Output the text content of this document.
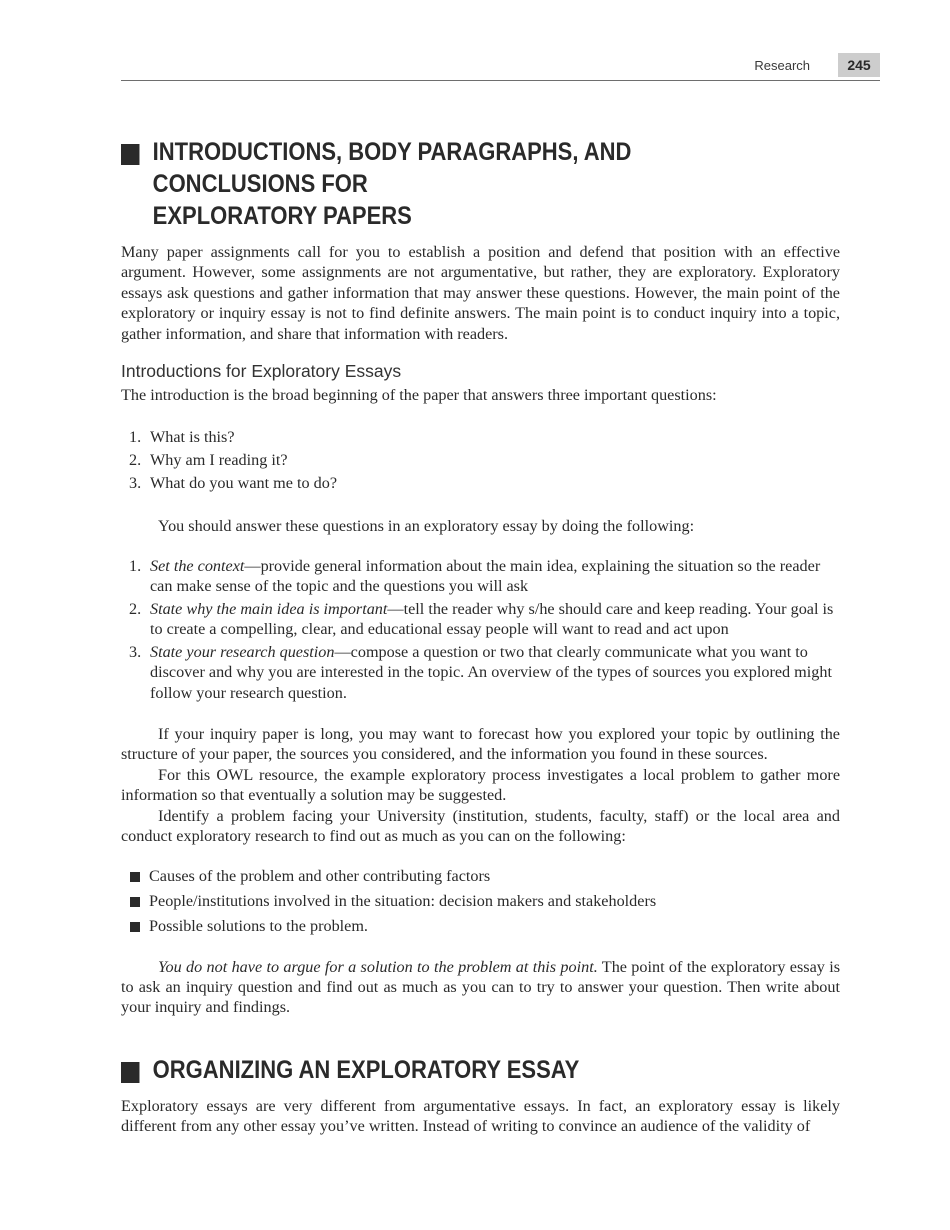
Research	245
INTRODUCTIONS, BODY PARAGRAPHS, AND CONCLUSIONS FOR
EXPLORATORY PAPERS

Many paper assignments call for you to establish a position and defend that position with an effective argument. However, some assignments are not argumentative, but rather, they are exploratory. Exploratory essays ask questions and gather information that may answer these questions. However, the main point of the exploratory or inquiry essay is not to find definite answers. The main point is to conduct inquiry into a topic, gather information, and share that information with readers.

Introductions for Exploratory Essays

The introduction is the broad beginning of the paper that answers three important questions:

1. What is this?
2. Why am I reading it?
3. What do you want me to do?

You should answer these questions in an exploratory essay by doing the following:

1. Set the context—provide general information about the main idea, explaining the situation so the reader can make sense of the topic and the questions you will ask
2. State why the main idea is important—tell the reader why s/he should care and keep reading. Your goal is to create a compelling, clear, and educational essay people will want to read and act upon
3. State your research question—compose a question or two that clearly communicate what you want to discover and why you are interested in the topic. An overview of the types of sources you explored might follow your research question.

If your inquiry paper is long, you may want to forecast how you explored your topic by outlining the structure of your paper, the sources you considered, and the information you found in these sources.

For this OWL resource, the example exploratory process investigates a local problem to gather more information so that eventually a solution may be suggested.

Identify a problem facing your University (institution, students, faculty, staff) or the local area and conduct exploratory research to find out as much as you can on the following:

Causes of the problem and other contributing factors
People/institutions involved in the situation: decision makers and stakeholders
Possible solutions to the problem.

You do not have to argue for a solution to the problem at this point. The point of the exploratory essay is to ask an inquiry question and find out as much as you can to try to answer your question. Then write about your inquiry and findings.

ORGANIZING AN EXPLORATORY ESSAY

Exploratory essays are very different from argumentative essays. In fact, an exploratory essay is likely different from any other essay you’ve written. Instead of writing to convince an audience of the validity of
